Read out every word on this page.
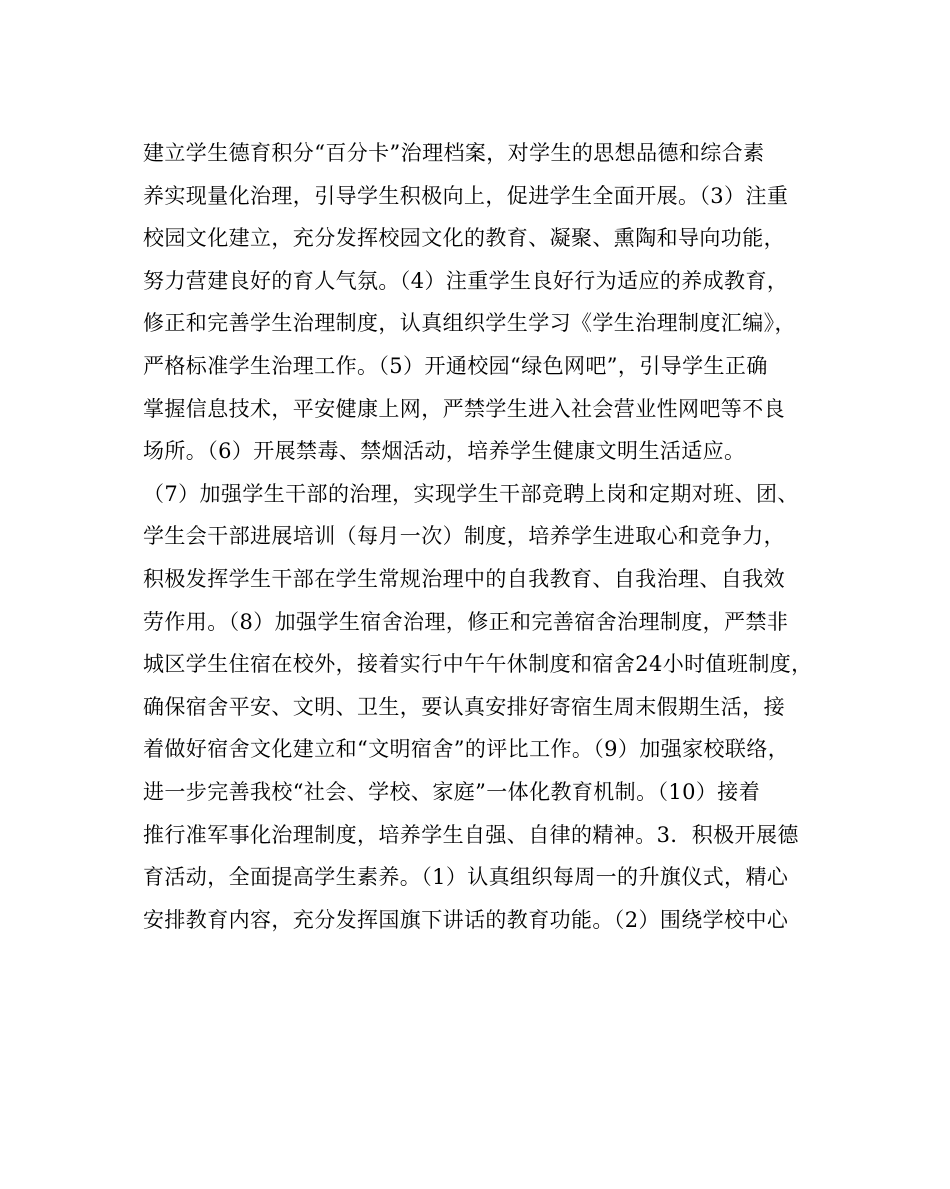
建立学生德育积分“百分卡”治理档案，对学生的思想品德和综合素
养实现量化治理，引导学生积极向上，促进学生全面开展。（3）注重
校园文化建立，充分发挥校园文化的教育、凝聚、熏陶和导向功能，
努力营建良好的育人气氛。（4）注重学生良好行为适应的养成教育，
修正和完善学生治理制度，认真组织学生学习《学生治理制度汇编》，
严格标准学生治理工作。（5）开通校园“绿色网吧”，引导学生正确
掌握信息技术，平安健康上网，严禁学生进入社会营业性网吧等不良
场所。（6）开展禁毒、禁烟活动，培养学生健康文明生活适应。
（7）加强学生干部的治理，实现学生干部竞聘上岗和定期对班、团、
学生会干部进展培训（每月一次）制度，培养学生进取心和竞争力，
积极发挥学生干部在学生常规治理中的自我教育、自我治理、自我效
劳作用。（8）加强学生宿舍治理，修正和完善宿舍治理制度，严禁非
城区学生住宿在校外，接着实行中午午休制度和宿舍24小时值班制度，
确保宿舍平安、文明、卫生，要认真安排好寄宿生周末假期生活，接
着做好宿舍文化建立和“文明宿舍”的评比工作。（9）加强家校联络，
进一步完善我校“社会、学校、家庭”一体化教育机制。（10）接着
推行准军事化治理制度，培养学生自强、自律的精神。3．积极开展德
育活动，全面提高学生素养。（1）认真组织每周一的升旗仪式，精心
安排教育内容，充分发挥国旗下讲话的教育功能。（2）围绕学校中心
